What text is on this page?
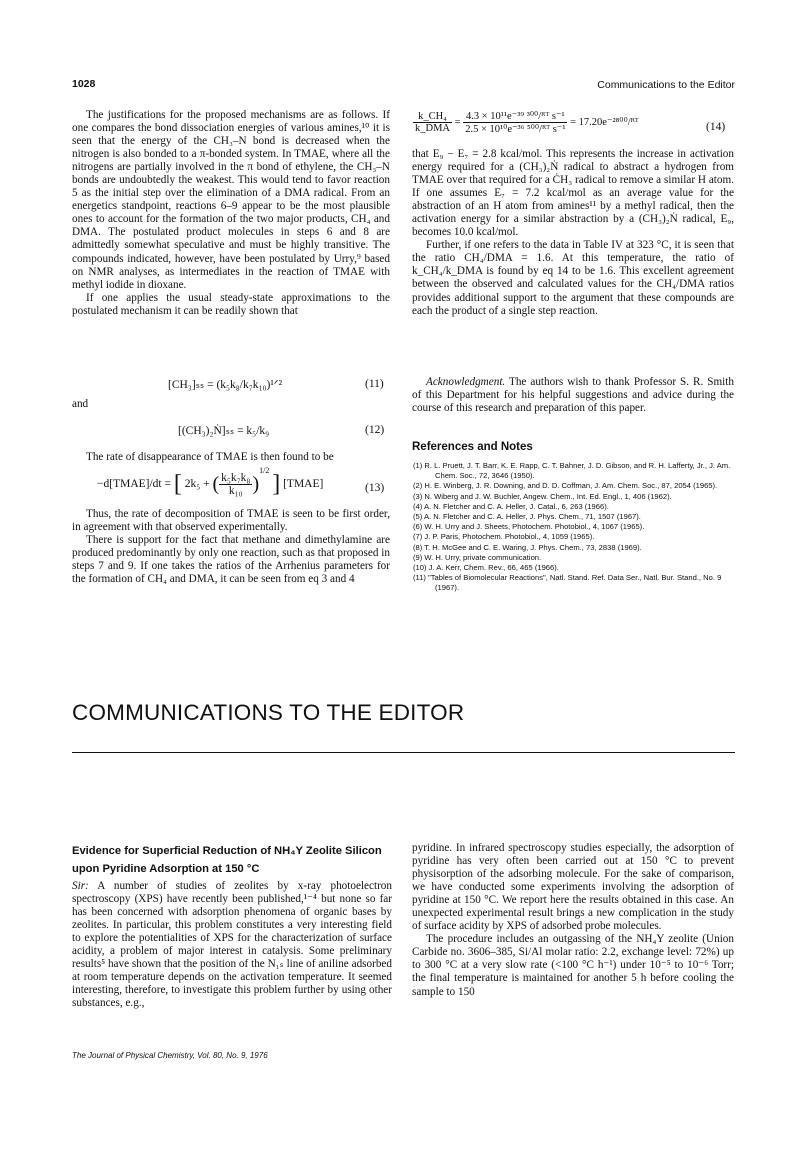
1028	Communications to the Editor

The justifications for the proposed mechanisms are as follows. If one compares the bond dissociation energies of various amines,¹⁰ it is seen that the energy of the CH₃–N bond is decreased when the nitrogen is also bonded to a π-bonded system. In TMAE, where all the nitrogens are partially involved in the π bond of ethylene, the CH₃–N bonds are undoubtedly the weakest. This would tend to favor reaction 5 as the initial step over the elimination of a DMA radical. From an energetics standpoint, reactions 6–9 appear to be the most plausible ones to account for the formation of the two major products, CH₄ and DMA. The postulated product molecules in steps 6 and 8 are admittedly somewhat speculative and must be highly transitive. The compounds indicated, however, have been postulated by Urry,⁹ based on NMR analyses, as intermediates in the reaction of TMAE with methyl iodide in dioxane.

If one applies the usual steady-state approximations to the postulated mechanism it can be readily shown that

[CH₃]ₛₛ = (k₅k₈/k₇k₁₀)¹ᐟ²	(11)
and
[(CH₃)₂Ṅ]ₛₛ = k₅/k₉	(12)

The rate of disappearance of TMAE is then found to be

−d[TMAE]/dt = [ 2k₅ + ( $\frac{\text{k₅k₇k₈}}{\text{k₁₀}} )^{1/2}$ ] [TMAE]	(13)

Thus, the rate of decomposition of TMAE is seen to be first order, in agreement with that observed experimentally.

There is support for the fact that methane and dimethylamine are produced predominantly by only one reaction, such as that proposed in steps 7 and 9. If one takes the ratios of the Arrhenius parameters for the formation of CH₄ and DMA, it can be seen from eq 3 and 4

$\frac{\text{k\_CH₄}}{\text{k\_DMA}} = \frac{\text{4.3 × 10¹¹e⁻³⁹ ³⁰⁰/ᴿᵀ s⁻¹}}{\text{2.5 × 10¹⁰e⁻³⁶ ⁵⁰⁰/ᴿᵀ s⁻¹}}$ = 17.20e⁻²⁸⁰⁰/ᴿᵀ	(14)

that E₉ − E₇ = 2.8 kcal/mol. This represents the increase in activation energy required for a (CH₃)₂Ṅ radical to abstract a hydrogen from TMAE over that required for a ĊH₃ radical to remove a similar H atom. If one assumes E₇ = 7.2 kcal/mol as an average value for the abstraction of an H atom from amines¹¹ by a methyl radical, then the activation energy for a similar abstraction by a (CH₃)₂Ṅ radical, E₉, becomes 10.0 kcal/mol.

Further, if one refers to the data in Table IV at 323 °C, it is seen that the ratio CH₄/DMA = 1.6. At this temperature, the ratio of k_CH₄/k_DMA is found by eq 14 to be 1.6. This excellent agreement between the observed and calculated values for the CH₄/DMA ratios provides additional support to the argument that these compounds are each the product of a single step reaction.

Acknowledgment. The authors wish to thank Professor S. R. Smith of this Department for his helpful suggestions and advice during the course of this research and preparation of this paper.

References and Notes
(1) R. L. Pruett, J. T. Barr, K. E. Rapp, C. T. Bahner, J. D. Gibson, and R. H. Lafferty, Jr., J. Am. Chem. Soc., 72, 3646 (1950).
(2) H. E. Winberg, J. R. Downing, and D. D. Coffman, J. Am. Chem. Soc., 87, 2054 (1965).
(3) N. Wiberg and J. W. Buchler, Angew. Chem., Int. Ed. Engl., 1, 406 (1962).
(4) A. N. Fletcher and C. A. Heller, J. Catal., 6, 263 (1966).
(5) A. N. Fletcher and C. A. Heller, J. Phys. Chem., 71, 1507 (1967).
(6) W. H. Urry and J. Sheets, Photochem. Photobiol., 4, 1067 (1965).
(7) J. P. Paris, Photochem. Photobiol., 4, 1059 (1965).
(8) T. H. McGee and C. E. Waring, J. Phys. Chem., 73, 2838 (1969).
(9) W. H. Urry, private communication.
(10) J. A. Kerr, Chem. Rev., 66, 465 (1966).
(11) "Tables of Biomolecular Reactions", Natl. Stand. Ref. Data Ser., Natl. Bur. Stand., No. 9 (1967).
COMMUNICATIONS TO THE EDITOR
Evidence for Superficial Reduction of NH₄Y Zeolite Silicon upon Pyridine Adsorption at 150 °C

Sir: A number of studies of zeolites by x-ray photoelectron spectroscopy (XPS) have recently been published,¹⁻⁴ but none so far has been concerned with adsorption phenomena of organic bases by zeolites. In particular, this problem constitutes a very interesting field to explore the potentialities of XPS for the characterization of surface acidity, a problem of major interest in catalysis. Some preliminary results⁵ have shown that the position of the N₁ₛ line of aniline adsorbed at room temperature depends on the activation temperature. It seemed interesting, therefore, to investigate this problem further by using other substances, e.g.,

pyridine. In infrared spectroscopy studies especially, the adsorption of pyridine has very often been carried out at 150 °C to prevent physisorption of the adsorbing molecule. For the sake of comparison, we have conducted some experiments involving the adsorption of pyridine at 150 °C. We report here the results obtained in this case. An unexpected experimental result brings a new complication in the study of surface acidity by XPS of adsorbed probe molecules.

The procedure includes an outgassing of the NH₄Y zeolite (Union Carbide no. 3606–385, Si/Al molar ratio: 2.2, exchange level: 72%) up to 300 °C at a very slow rate (<100 °C h⁻¹) under 10⁻⁵ to 10⁻⁶ Torr; the final temperature is maintained for another 5 h before cooling the sample to 150

The Journal of Physical Chemistry, Vol. 80, No. 9, 1976
